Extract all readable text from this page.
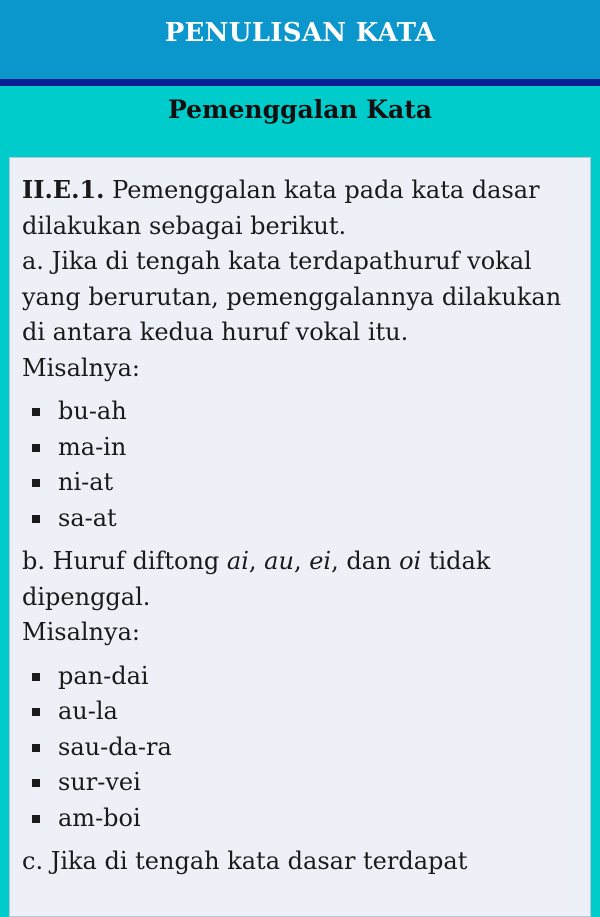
PENULISAN KATA
Pemenggalan Kata

II.E.1. Pemenggalan kata pada kata dasar dilakukan sebagai berikut.

a. Jika di tengah kata terdapathuruf vokal yang berurutan, pemenggalannya dilakukan di antara kedua huruf vokal itu.

Misalnya:

bu-ah
ma-in
ni-at
sa-at

b. Huruf diftong ai, au, ei, dan oi tidak dipenggal.

Misalnya:

pan-dai
au-la
sau-da-ra
sur-vei
am-boi

c. Jika di tengah kata dasar terdapat
